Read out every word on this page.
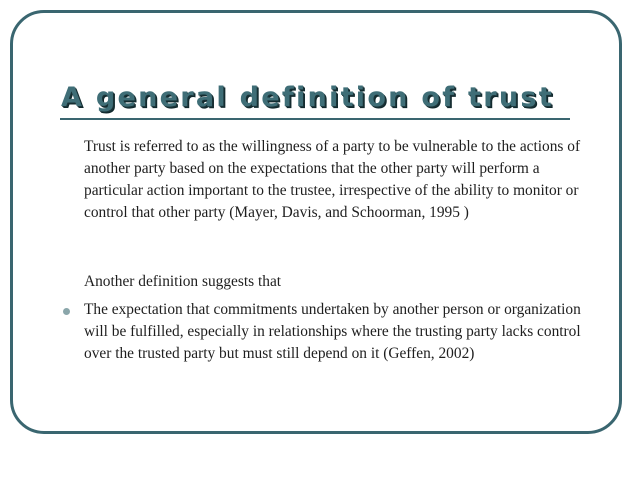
A general definition of trust

Trust is referred to as the willingness of a party to be vulnerable to the actions of another party based on the expectations that the other party will perform a particular action important to the trustee, irrespective of the ability to monitor or control that other party (Mayer, Davis, and Schoorman, 1995 )

Another definition suggests that

The expectation that commitments undertaken by another person or organization will be fulfilled, especially in relationships where the trusting party lacks control over the trusted party but must still depend on it (Geffen, 2002)
